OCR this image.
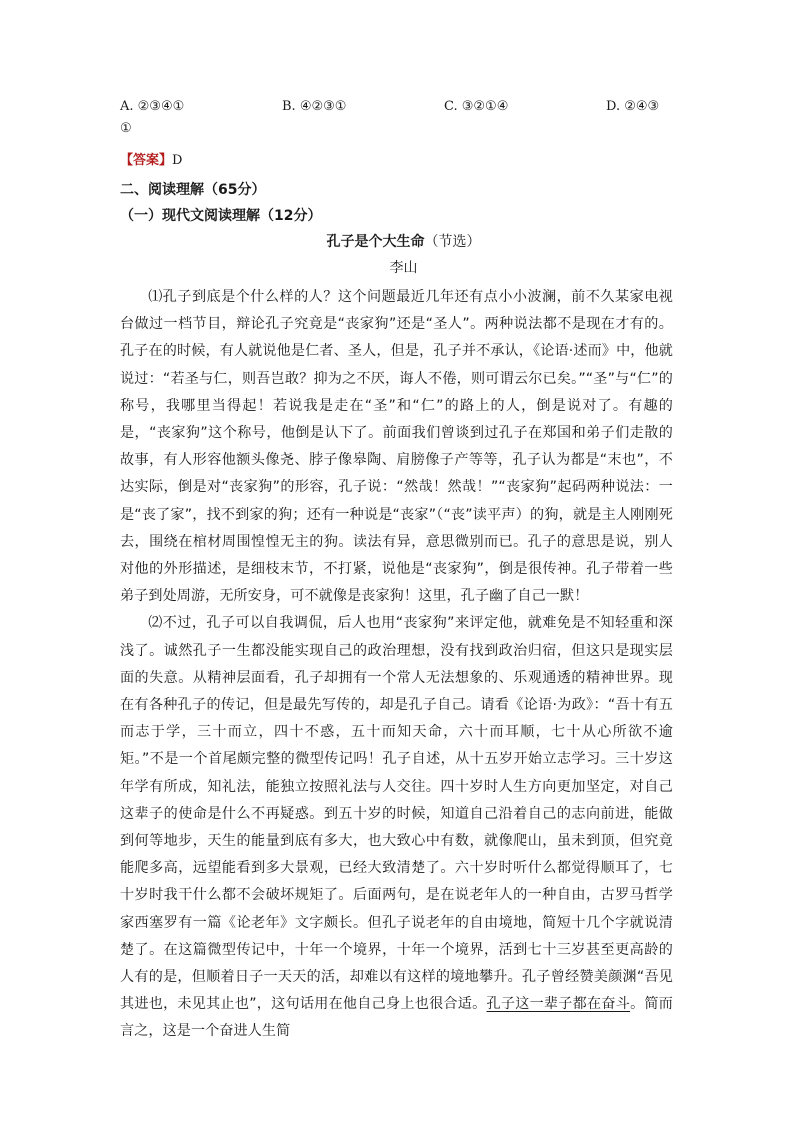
A. ②③④①	B. ④②③①	C. ③②①④	D. ②④③
①
【答案】D
二、阅读理解（65分）
（一）现代文阅读理解（12分）
孔子是个大生命（节选）
李山

⑴孔子到底是个什么样的人？这个问题最近几年还有点小小波澜，前不久某家电视台做过一档节目，辩论孔子究竟是“丧家狗”还是“圣人”。两种说法都不是现在才有的。孔子在的时候，有人就说他是仁者、圣人，但是，孔子并不承认，《论语·述而》中，他就说过：“若圣与仁，则吾岂敢？抑为之不厌，诲人不倦，则可谓云尔已矣。”“圣”与“仁”的称号，我哪里当得起！若说我是走在“圣”和“仁”的路上的人，倒是说对了。有趣的是，“丧家狗”这个称号，他倒是认下了。前面我们曾谈到过孔子在郑国和弟子们走散的故事，有人形容他额头像尧、脖子像皋陶、肩膀像子产等等，孔子认为都是“末也”，不达实际，倒是对“丧家狗”的形容，孔子说：“然哉！然哉！”“丧家狗”起码两种说法：一是“丧了家”，找不到家的狗；还有一种说是“丧家”（“丧”读平声）的狗，就是主人刚刚死去，围绕在棺材周围惶惶无主的狗。读法有异，意思微别而已。孔子的意思是说，别人对他的外形描述，是细枝末节，不打紧，说他是“丧家狗”，倒是很传神。孔子带着一些弟子到处周游，无所安身，可不就像是丧家狗！这里，孔子幽了自己一默！

⑵不过，孔子可以自我调侃，后人也用“丧家狗”来评定他，就难免是不知轻重和深浅了。诚然孔子一生都没能实现自己的政治理想，没有找到政治归宿，但这只是现实层面的失意。从精神层面看，孔子却拥有一个常人无法想象的、乐观通透的精神世界。现在有各种孔子的传记，但是最先写传的，却是孔子自己。请看《论语·为政》：“吾十有五而志于学，三十而立，四十不惑，五十而知天命，六十而耳顺，七十从心所欲不逾矩。”不是一个首尾颇完整的微型传记吗！孔子自述，从十五岁开始立志学习。三十岁这年学有所成，知礼法，能独立按照礼法与人交往。四十岁时人生方向更加坚定，对自己这辈子的使命是什么不再疑惑。到五十岁的时候，知道自己沿着自己的志向前进，能做到何等地步，天生的能量到底有多大，也大致心中有数，就像爬山，虽未到顶，但究竟能爬多高，远望能看到多大景观，已经大致清楚了。六十岁时听什么都觉得顺耳了，七十岁时我干什么都不会破坏规矩了。后面两句，是在说老年人的一种自由，古罗马哲学家西塞罗有一篇《论老年》文字颇长。但孔子说老年的自由境地，简短十几个字就说清楚了。在这篇微型传记中，十年一个境界，十年一个境界，活到七十三岁甚至更高龄的人有的是，但顺着日子一天天的活，却难以有这样的境地攀升。孔子曾经赞美颜渊“吾见其进也，未见其止也”，这句话用在他自己身上也很合适。孔子这一辈子都在奋斗。简而言之，这是一个奋进人生简
